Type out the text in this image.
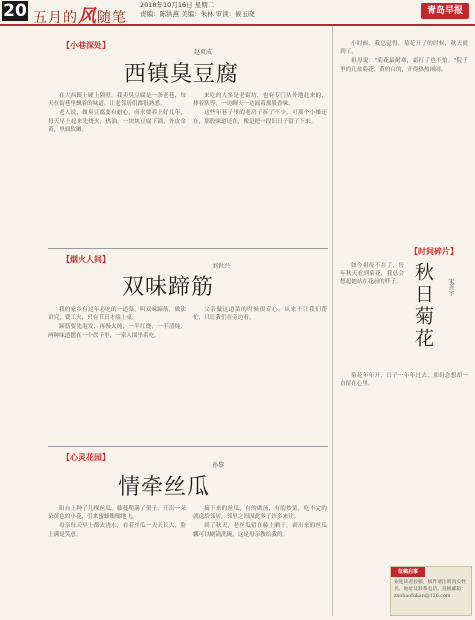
20 五月的风随笔
2018年10月16日 星期二
责编：陈洪燕 美编：朱林 审读：候玉晓	青岛早报
【小巷深处】
赵爽成
西镇臭豆腐

在大西镇上碰上隔壁，我卖臭豆腐是一条老巷，每天在街巷里飘着的味道，让老邻居们都很熟悉。

老人说，做臭豆腐要有耐心，卤水要养上好几年，每天早上起来先烧火，热油，一块块豆腐下锅，外皮金黄，里面软嫩。

来吃的人多是老街坊，也有专门从外地赶来的，排着队等，一边聊天一边闻着那股香味。

这些年巷子里的老房子拆了不少，可那个小摊还在，那股味道还在，像是把一段旧日子留了下来。

【烟火人间】
刘世兴
双味蹄筋

我的家乡有过年必吃的一道菜，叫双味蹄筋，做法讲究，费工夫，只有节日才端上桌。

蹄筋要先泡发，再慢火炖，一半红烧，一半清炖，两种味道摆在一个盘子里，一家人围坐着吃。

父亲做这道菜的时候很专心，从来不让我们帮忙，只让我们在旁边看。

【心灵花园】
孙黎
情牵丝瓜

阳台上种了几棵丝瓜，藤蔓爬满了架子，开出一朵朵黄色的小花，引来蜜蜂嗡嗡地飞。

母亲每天早上都去浇水，看着丝瓜一天天长大，脸上满是笑意。

摘下来的丝瓜，有的做汤，有的炒菜，吃不完的就送给邻居，邻里之间因此多了许多来往。

到了秋天，老丝瓜留在藤上晒干，剥出来的丝瓜瓤可以刷锅洗碗，这是母亲教给我的。

小时候，我总觉得，菊花开了的时候，秋天就到了。

祖母说："菊花最耐寒，霜打了也不怕。"院子里的几盆菊花，黄的白的，开得热热闹闹。

【时间碎片】
秋日菊花	宋善宇

如今祖母不在了，每年秋天看到菊花，我总会想起她站在花前的样子。

菊花年年开，日子一年年过去，那份念想却一直留在心里。

征稿启事
欢迎读者投稿，稿件请注明真实姓名、地址及联系电话。投稿邮箱：zaobaofukan@126.com
